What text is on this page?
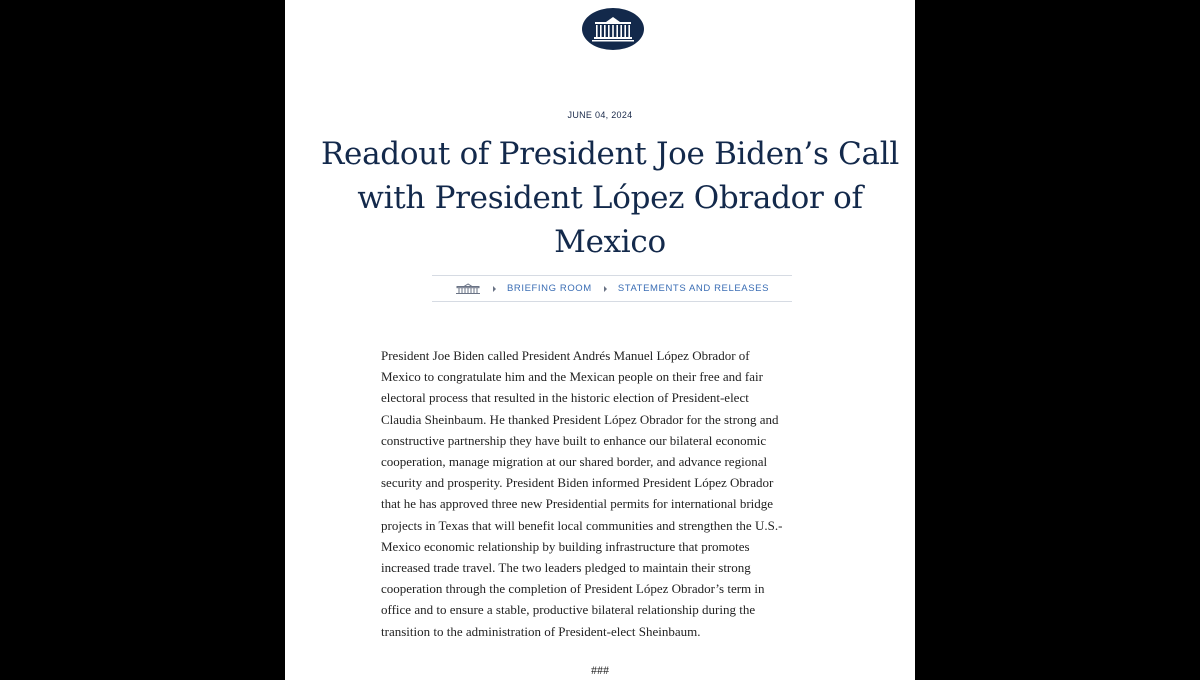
JUNE 04, 2024
Readout of President Joe Biden’s Call with President López Obrador of Mexico
BRIEFING ROOM	STATEMENTS AND RELEASES

President Joe Biden called President Andrés Manuel López Obrador of
Mexico to congratulate him and the Mexican people on their free and fair
electoral process that resulted in the historic election of President-elect
Claudia Sheinbaum. He thanked President López Obrador for the strong and
constructive partnership they have built to enhance our bilateral economic
cooperation, manage migration at our shared border, and advance regional
security and prosperity. President Biden informed President López Obrador
that he has approved three new Presidential permits for international bridge
projects in Texas that will benefit local communities and strengthen the U.S.-
Mexico economic relationship by building infrastructure that promotes
increased trade travel. The two leaders pledged to maintain their strong
cooperation through the completion of President López Obrador’s term in
office and to ensure a stable, productive bilateral relationship during the
transition to the administration of President-elect Sheinbaum.

###
